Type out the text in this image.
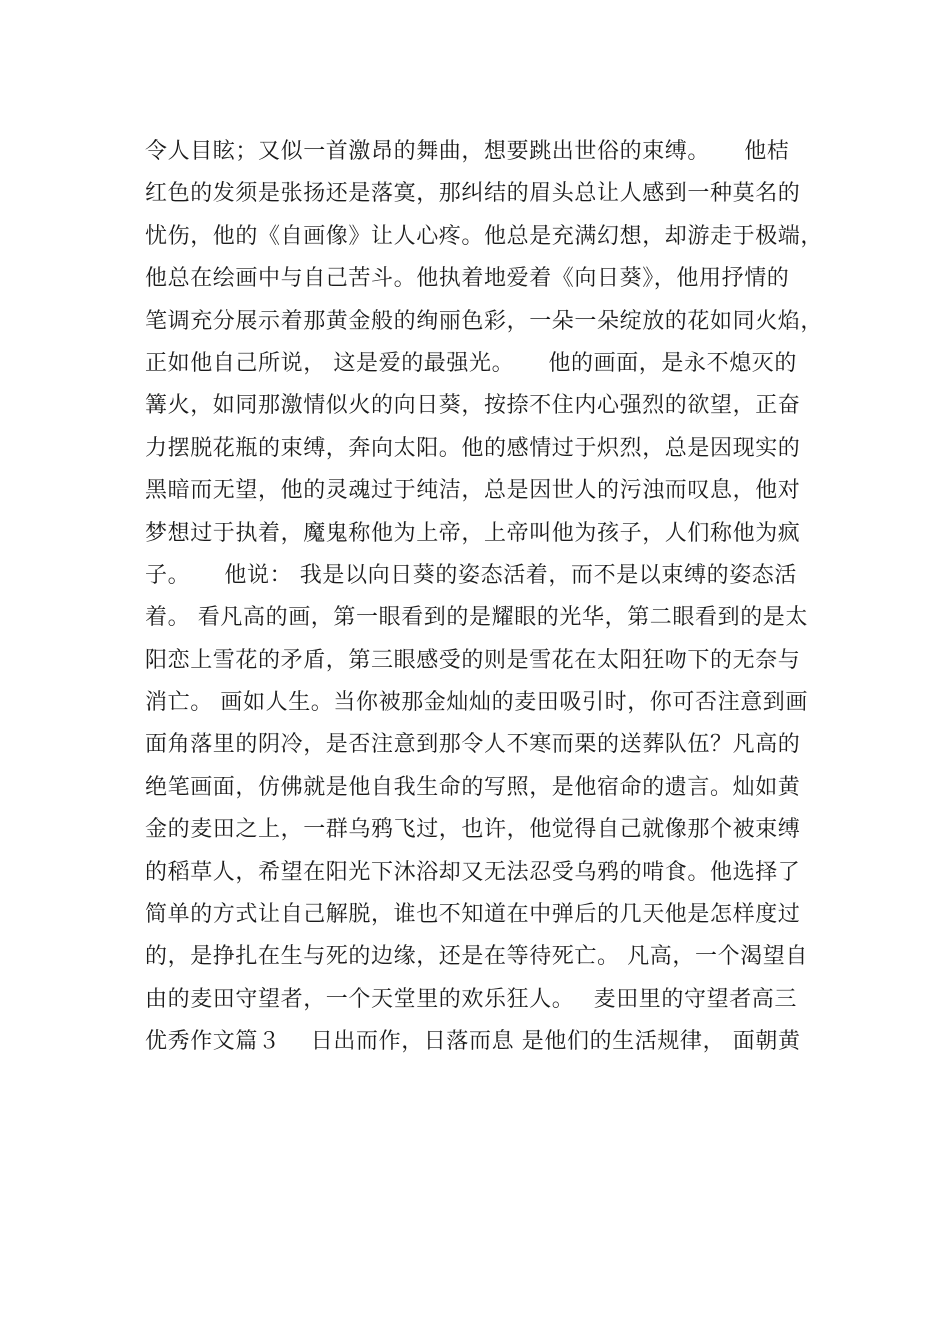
令人目眩；又似一首激昂的舞曲，想要跳出世俗的束缚。　　他桔
红色的发须是张扬还是落寞，那纠结的眉头总让人感到一种莫名的
忧伤，他的《自画像》让人心疼。他总是充满幻想，却游走于极端，
他总在绘画中与自己苦斗。他执着地爱着《向日葵》，他用抒情的
笔调充分展示着那黄金般的绚丽色彩，一朵一朵绽放的花如同火焰，
正如他自己所说， 这是爱的最强光。　　他的画面，是永不熄灭的
篝火，如同那激情似火的向日葵，按捺不住内心强烈的欲望，正奋
力摆脱花瓶的束缚，奔向太阳。他的感情过于炽烈，总是因现实的
黑暗而无望，他的灵魂过于纯洁，总是因世人的污浊而叹息，他对
梦想过于执着，魔鬼称他为上帝，上帝叫他为孩子，人们称他为疯
子。　　他说： 我是以向日葵的姿态活着，而不是以束缚的姿态活
着。 看凡高的画，第一眼看到的是耀眼的光华，第二眼看到的是太
阳恋上雪花的矛盾，第三眼感受的则是雪花在太阳狂吻下的无奈与
消亡。 画如人生。当你被那金灿灿的麦田吸引时，你可否注意到画
面角落里的阴冷，是否注意到那令人不寒而栗的送葬队伍？凡高的
绝笔画面，仿佛就是他自我生命的写照，是他宿命的遗言。灿如黄
金的麦田之上，一群乌鸦飞过，也许，他觉得自己就像那个被束缚
的稻草人，希望在阳光下沐浴却又无法忍受乌鸦的啃食。他选择了
简单的方式让自己解脱，谁也不知道在中弹后的几天他是怎样度过
的，是挣扎在生与死的边缘，还是在等待死亡。 凡高，一个渴望自
由的麦田守望者，一个天堂里的欢乐狂人。　 麦田里的守望者高三
优秀作文篇３　 日出而作，日落而息 是他们的生活规律， 面朝黄
